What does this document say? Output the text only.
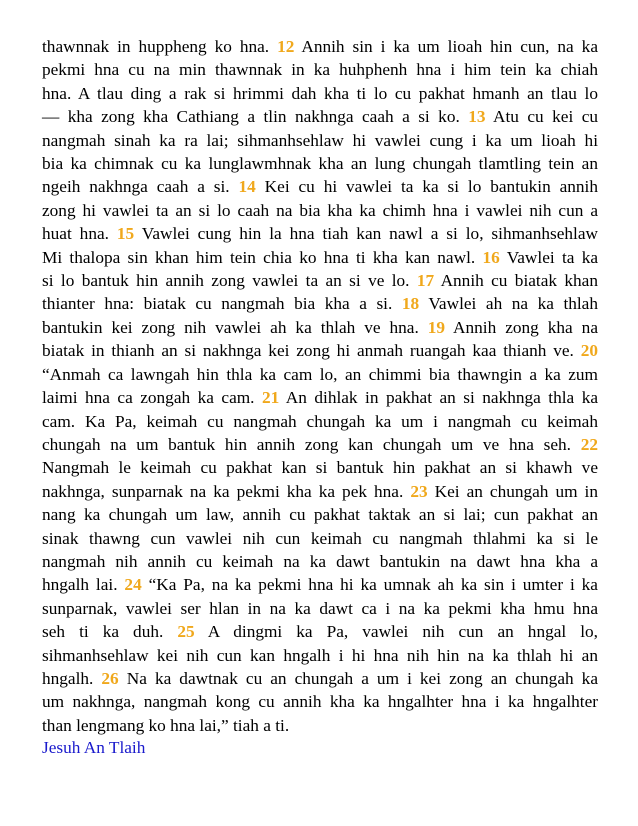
thawnnak in huppheng ko hna. 12 Annih sin i ka um lioah hin cun, na ka
pekmi hna cu na min thawnnak in ka huhphenh hna i him tein ka chiah
hna. A tlau ding a rak si hrimmi dah kha ti lo cu pakhat hmanh an tlau lo
— kha zong kha Cathiang a tlin nakhnga caah a si ko. 13 Atu cu kei cu
nangmah sinah ka ra lai; sihmanhsehlaw hi vawlei cung i ka um lioah hi
bia ka chimnak cu ka lunglawmhnak kha an lung chungah tlamtling tein an
ngeih nakhnga caah a si. 14 Kei cu hi vawlei ta ka si lo bantukin annih
zong hi vawlei ta an si lo caah na bia kha ka chimh hna i vawlei nih cun a
huat hna. 15 Vawlei cung hin la hna tiah kan nawl a si lo, sihmanhsehlaw
Mi thalopa sin khan him tein chia ko hna ti kha kan nawl. 16 Vawlei ta ka
si lo bantuk hin annih zong vawlei ta an si ve lo. 17 Annih cu biatak khan
thianter hna: biatak cu nangmah bia kha a si. 18 Vawlei ah na ka thlah
bantukin kei zong nih vawlei ah ka thlah ve hna. 19 Annih zong kha na
biatak in thianh an si nakhnga kei zong hi anmah ruangah kaa thianh ve. 20
“Anmah ca lawngah hin thla ka cam lo, an chimmi bia thawngin a ka zum
laimi hna ca zongah ka cam. 21 An dihlak in pakhat an si nakhnga thla ka
cam. Ka Pa, keimah cu nangmah chungah ka um i nangmah cu keimah
chungah na um bantuk hin annih zong kan chungah um ve hna seh. 22
Nangmah le keimah cu pakhat kan si bantuk hin pakhat an si khawh ve
nakhnga, sunparnak na ka pekmi kha ka pek hna. 23 Kei an chungah um in
nang ka chungah um law, annih cu pakhat taktak an si lai; cun pakhat an
sinak thawng cun vawlei nih cun keimah cu nangmah thlahmi ka si le
nangmah nih annih cu keimah na ka dawt bantukin na dawt hna kha a
hngalh lai. 24 “Ka Pa, na ka pekmi hna hi ka umnak ah ka sin i umter i ka
sunparnak, vawlei ser hlan in na ka dawt ca i na ka pekmi kha hmu hna
seh ti ka duh. 25 A dingmi ka Pa, vawlei nih cun an hngal lo,
sihmanhsehlaw kei nih cun kan hngalh i hi hna nih hin na ka thlah hi an
hngalh. 26 Na ka dawtnak cu an chungah a um i kei zong an chungah ka
um nakhnga, nangmah kong cu annih kha ka hngalhter hna i ka hngalhter
than lengmang ko hna lai,” tiah a ti.
Jesuh An Tlaih
